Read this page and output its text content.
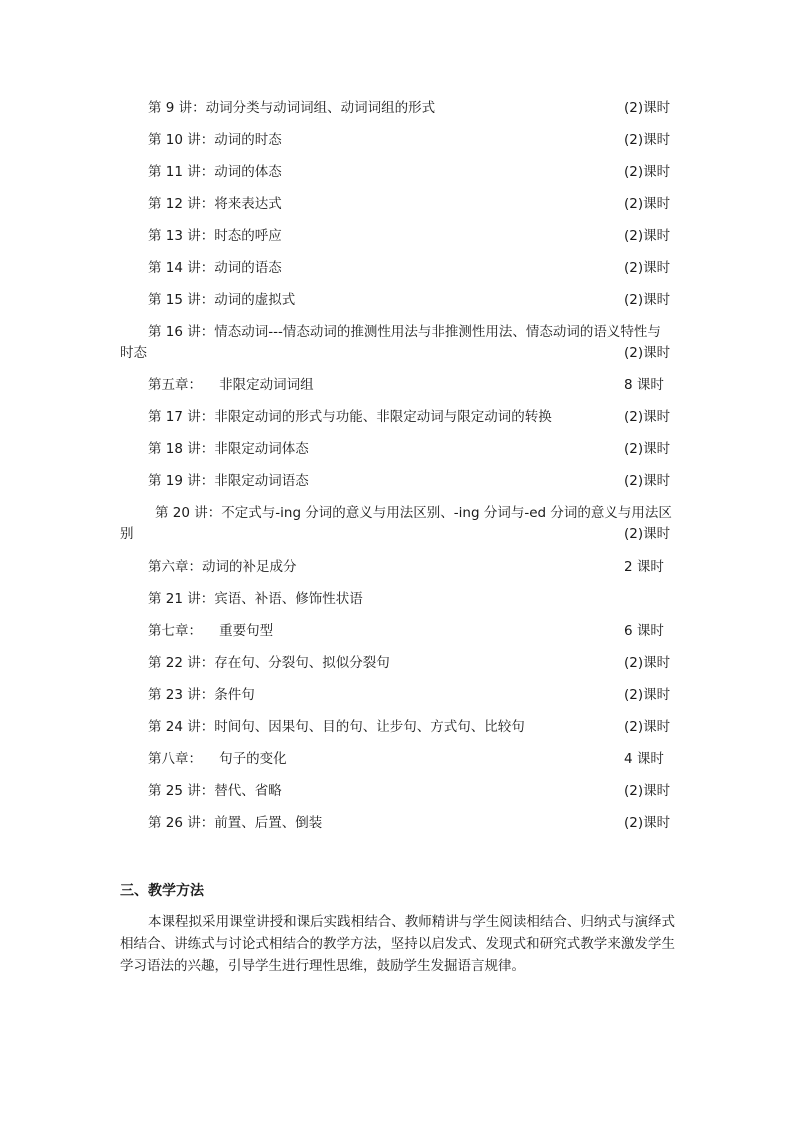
第 9 讲：动词分类与动词词组、动词词组的形式	(2)课时
第 10 讲：动词的时态	(2)课时
第 11 讲：动词的体态	(2)课时
第 12 讲：将来表达式	(2)课时
第 13 讲：时态的呼应	(2)课时
第 14 讲：动词的语态	(2)课时
第 15 讲：动词的虚拟式	(2)课时
第 16 讲：情态动词---情态动词的推测性用法与非推测性用法、情态动词的语义特性与
时态	(2)课时
第五章：    非限定动词词组	8 课时
第 17 讲：非限定动词的形式与功能、非限定动词与限定动词的转换	(2)课时
第 18 讲：非限定动词体态	(2)课时
第 19 讲：非限定动词语态	(2)课时
第 20 讲：不定式与-ing 分词的意义与用法区别、-ing 分词与-ed 分词的意义与用法区
别	(2)课时
第六章：动词的补足成分	2 课时
第 21 讲：宾语、补语、修饰性状语
第七章：    重要句型	6 课时
第 22 讲：存在句、分裂句、拟似分裂句	(2)课时
第 23 讲：条件句	(2)课时
第 24 讲：时间句、因果句、目的句、让步句、方式句、比较句	(2)课时
第八章：    句子的变化	4 课时
第 25 讲：替代、省略	(2)课时
第 26 讲：前置、后置、倒装	(2)课时
三、教学方法
本课程拟采用课堂讲授和课后实践相结合、教师精讲与学生阅读相结合、归纳式与演绎式相结合、讲练式与讨论式相结合的教学方法，坚持以启发式、发现式和研究式教学来激发学生学习语法的兴趣，引导学生进行理性思维，鼓励学生发掘语言规律。
